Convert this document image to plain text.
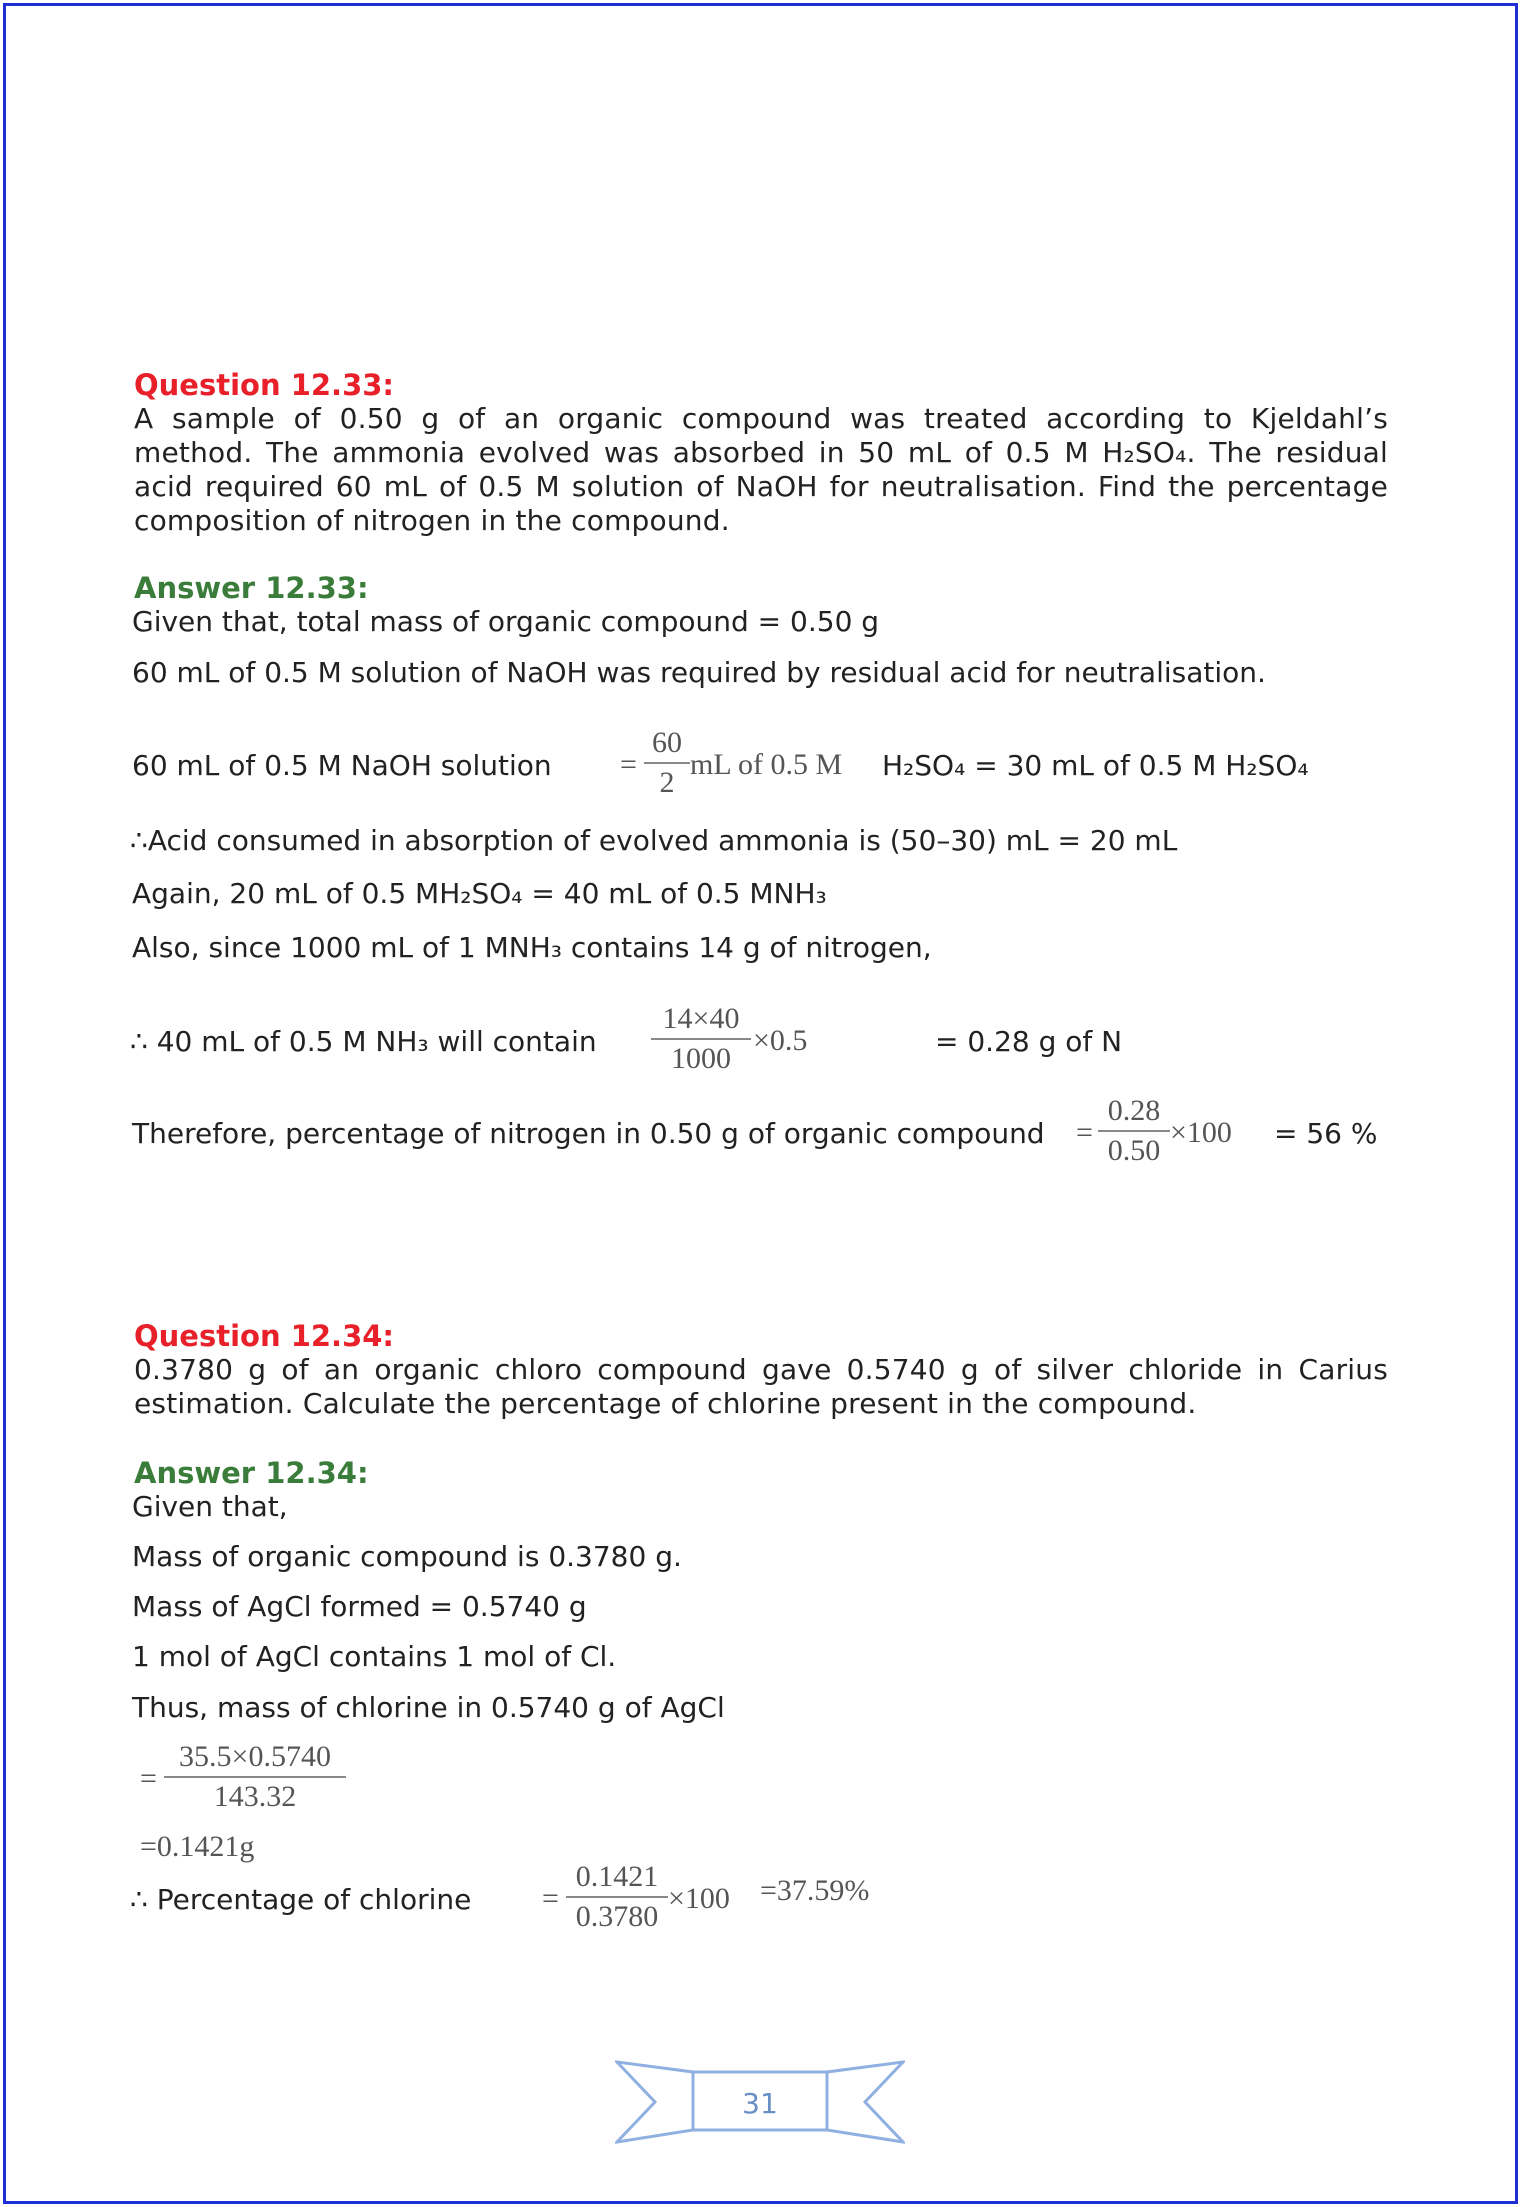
Question 12.33:
A sample of 0.50 g of an organic compound was treated according to Kjeldahl’s method. The ammonia evolved was absorbed in 50 mL of 0.5 M H₂SO₄. The residual acid required 60 mL of 0.5 M solution of NaOH for neutralisation. Find the percentage composition of nitrogen in the compound.
Answer 12.33:
Given that, total mass of organic compound = 0.50 g
60 mL of 0.5 M solution of NaOH was required by residual acid for neutralisation.
60 mL of 0.5 M NaOH solution =
60
2
mL of 0.5 M H₂SO₄ = 30 mL of 0.5 M H₂SO₄
∴Acid consumed in absorption of evolved ammonia is (50–30) mL = 20 mL
Again, 20 mL of 0.5 MH₂SO₄ = 40 mL of 0.5 MNH₃
Also, since 1000 mL of 1 MNH₃ contains 14 g of nitrogen,
∴ 40 mL of 0.5 M NH₃ will contain
14×40
1000
×0.5	= 0.28 g of N
Therefore, percentage of nitrogen in 0.50 g of organic compound =
0.28
0.50
×100 = 56 %
Question 12.34:
0.3780 g of an organic chloro compound gave 0.5740 g of silver chloride in Carius estimation. Calculate the percentage of chlorine present in the compound.
Answer 12.34:
Given that,
Mass of organic compound is 0.3780 g.
Mass of AgCl formed = 0.5740 g
1 mol of AgCl contains 1 mol of Cl.
Thus, mass of chlorine in 0.5740 g of AgCl
=
35.5×0.5740
143.32
=0.1421g
∴ Percentage of chlorine =
0.1421
0.3780
×100 =37.59%
31
